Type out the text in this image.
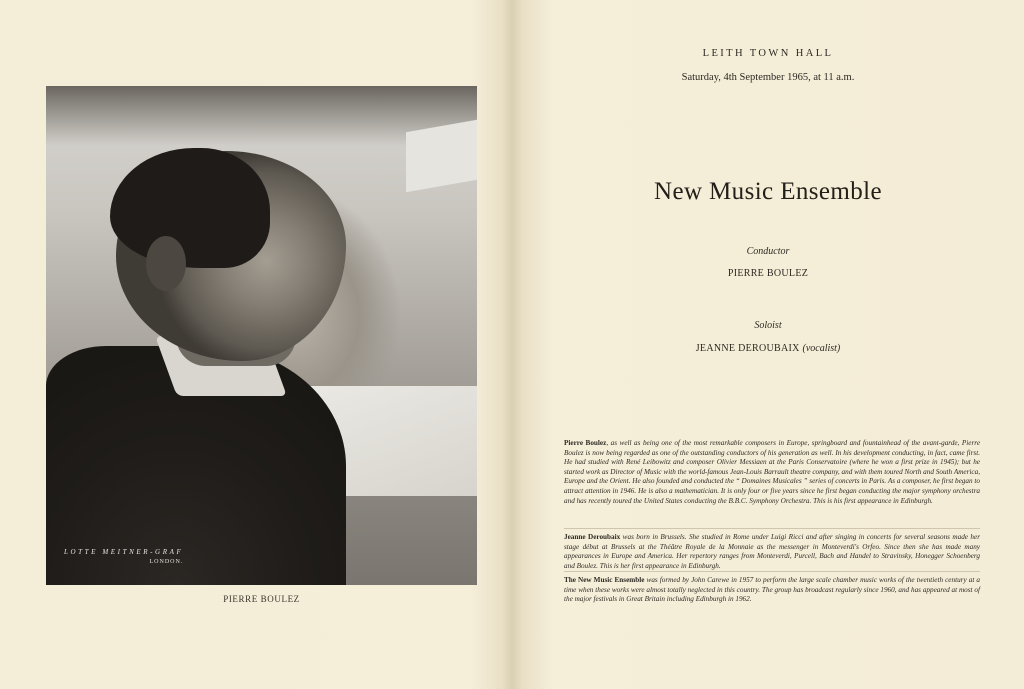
LOTTE MEITNER-GRAF
LONDON.
PIERRE BOULEZ
LEITH TOWN HALL
Saturday, 4th September 1965, at 11 a.m.
New Music Ensemble
Conductor
PIERRE BOULEZ
Soloist
JEANNE DEROUBAIX (vocalist)
Pierre Boulez, as well as being one of the most remarkable composers in Europe, springboard and fountainhead of the avant-garde, Pierre Boulez is now being regarded as one of the outstanding conductors of his generation as well. In his development conducting, in fact, came first. He had studied with René Leibowitz and composer Olivier Messiaen at the Paris Conservatoire (where he won a first prize in 1945); but he started work as Director of Music with the world-famous Jean-Louis Barrault theatre company, and with them toured North and South America, Europe and the Orient. He also founded and conducted the “ Domaines Musicales ” series of concerts in Paris. As a composer, he first began to attract attention in 1946. He is also a mathematician. It is only four or five years since he first began conducting the major symphony orchestra and has recently toured the United States conducting the B.B.C. Symphony Orchestra. This is his first appearance in Edinburgh.
Jeanne Deroubaix was born in Brussels. She studied in Rome under Luigi Ricci and after singing in concerts for several seasons made her stage début at Brussels at the Théâtre Royale de la Monnaie as the messenger in Monteverdi's Orfeo. Since then she has made many appearances in Europe and America. Her repertory ranges from Monteverdi, Purcell, Bach and Handel to Stravinsky, Honegger Schoenberg and Boulez. This is her first appearance in Edinburgh.
The New Music Ensemble was formed by John Carewe in 1957 to perform the large scale chamber music works of the twentieth century at a time when these works were almost totally neglected in this country. The group has broadcast regularly since 1960, and has appeared at most of the major festivals in Great Britain including Edinburgh in 1962.
